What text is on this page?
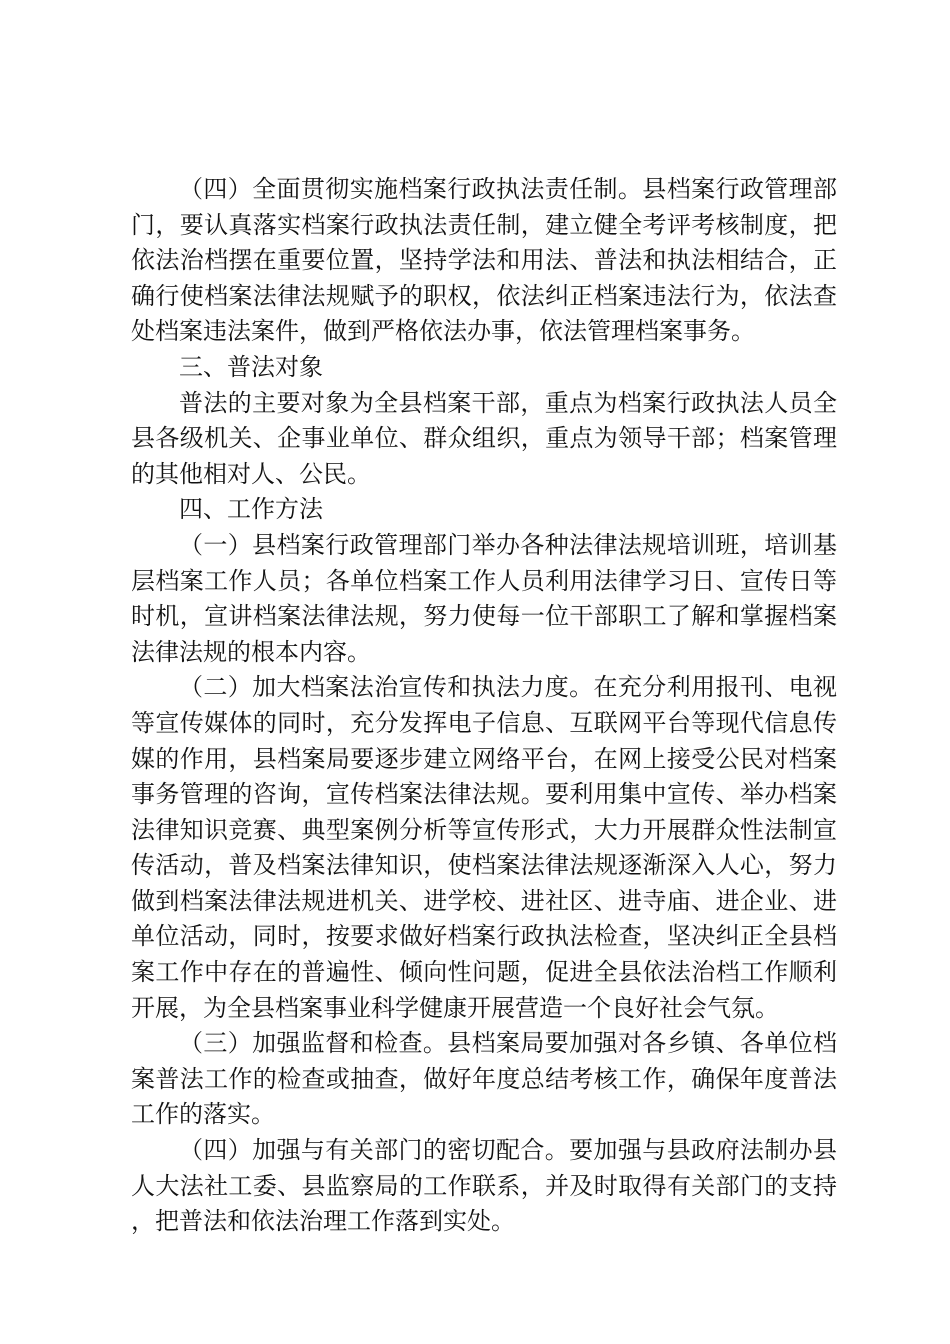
（四）全面贯彻实施档案行政执法责任制。县档案行政管理部门，要认真落实档案行政执法责任制，建立健全考评考核制度，把依法治档摆在重要位置，坚持学法和用法、普法和执法相结合，正确行使档案法律法规赋予的职权，依法纠正档案违法行为，依法查处档案违法案件，做到严格依法办事，依法管理档案事务。

三、普法对象

普法的主要对象为全县档案干部，重点为档案行政执法人员全县各级机关、企事业单位、群众组织，重点为领导干部；档案管理的其他相对人、公民。

四、工作方法

（一）县档案行政管理部门举办各种法律法规培训班，培训基层档案工作人员；各单位档案工作人员利用法律学习日、宣传日等时机，宣讲档案法律法规，努力使每一位干部职工了解和掌握档案法律法规的根本内容。

（二）加大档案法治宣传和执法力度。在充分利用报刊、电视等宣传媒体的同时，充分发挥电子信息、互联网平台等现代信息传媒的作用，县档案局要逐步建立网络平台，在网上接受公民对档案事务管理的咨询，宣传档案法律法规。要利用集中宣传、举办档案法律知识竞赛、典型案例分析等宣传形式，大力开展群众性法制宣传活动，普及档案法律知识，使档案法律法规逐渐深入人心，努力做到档案法律法规进机关、进学校、进社区、进寺庙、进企业、进单位活动，同时，按要求做好档案行政执法检查，坚决纠正全县档案工作中存在的普遍性、倾向性问题，促进全县依法治档工作顺利开展，为全县档案事业科学健康开展营造一个良好社会气氛。

（三）加强监督和检查。县档案局要加强对各乡镇、各单位档案普法工作的检查或抽查，做好年度总结考核工作，确保年度普法工作的落实。

（四）加强与有关部门的密切配合。要加强与县政府法制办县人大法社工委、县监察局的工作联系，并及时取得有关部门的支持，把普法和依法治理工作落到实处。
